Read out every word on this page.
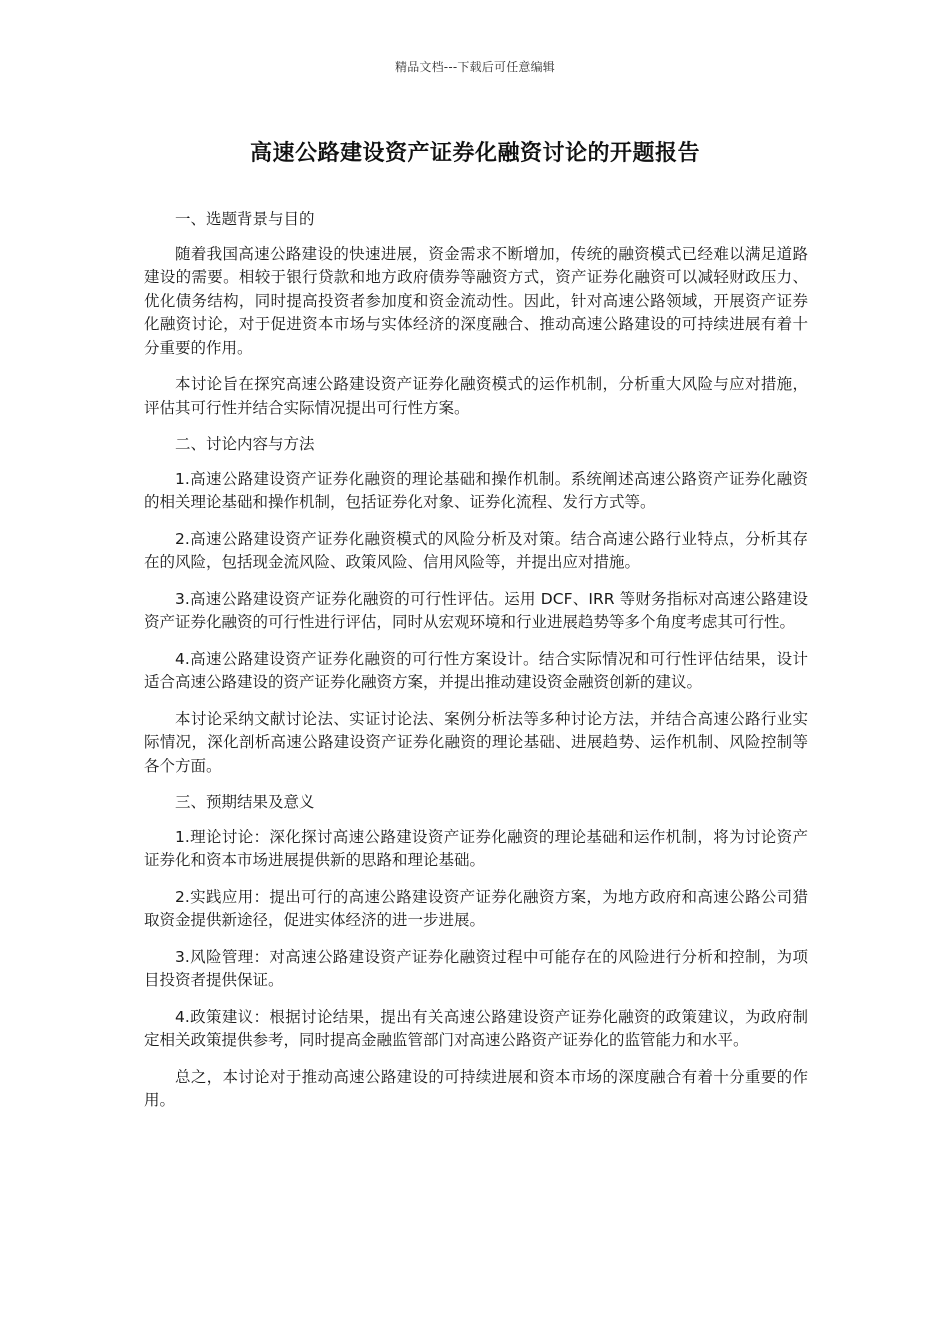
精品文档---下载后可任意编辑
高速公路建设资产证券化融资讨论的开题报告

一、选题背景与目的

随着我国高速公路建设的快速进展，资金需求不断增加，传统的融资模式已经难以满足道路建设的需要。相较于银行贷款和地方政府债券等融资方式，资产证券化融资可以减轻财政压力、优化债务结构，同时提高投资者参加度和资金流动性。因此，针对高速公路领域，开展资产证券化融资讨论，对于促进资本市场与实体经济的深度融合、推动高速公路建设的可持续进展有着十分重要的作用。

本讨论旨在探究高速公路建设资产证券化融资模式的运作机制，分析重大风险与应对措施，评估其可行性并结合实际情况提出可行性方案。

二、讨论内容与方法

1.高速公路建设资产证券化融资的理论基础和操作机制。系统阐述高速公路资产证券化融资的相关理论基础和操作机制，包括证券化对象、证券化流程、发行方式等。

2.高速公路建设资产证券化融资模式的风险分析及对策。结合高速公路行业特点，分析其存在的风险，包括现金流风险、政策风险、信用风险等，并提出应对措施。

3.高速公路建设资产证券化融资的可行性评估。运用 DCF、IRR 等财务指标对高速公路建设资产证券化融资的可行性进行评估，同时从宏观环境和行业进展趋势等多个角度考虑其可行性。

4.高速公路建设资产证券化融资的可行性方案设计。结合实际情况和可行性评估结果，设计适合高速公路建设的资产证券化融资方案，并提出推动建设资金融资创新的建议。

本讨论采纳文献讨论法、实证讨论法、案例分析法等多种讨论方法，并结合高速公路行业实际情况，深化剖析高速公路建设资产证券化融资的理论基础、进展趋势、运作机制、风险控制等各个方面。

三、预期结果及意义

1.理论讨论：深化探讨高速公路建设资产证券化融资的理论基础和运作机制，将为讨论资产证券化和资本市场进展提供新的思路和理论基础。

2.实践应用：提出可行的高速公路建设资产证券化融资方案，为地方政府和高速公路公司猎取资金提供新途径，促进实体经济的进一步进展。

3.风险管理：对高速公路建设资产证券化融资过程中可能存在的风险进行分析和控制，为项目投资者提供保证。

4.政策建议：根据讨论结果，提出有关高速公路建设资产证券化融资的政策建议，为政府制定相关政策提供参考，同时提高金融监管部门对高速公路资产证券化的监管能力和水平。

总之，本讨论对于推动高速公路建设的可持续进展和资本市场的深度融合有着十分重要的作用。
